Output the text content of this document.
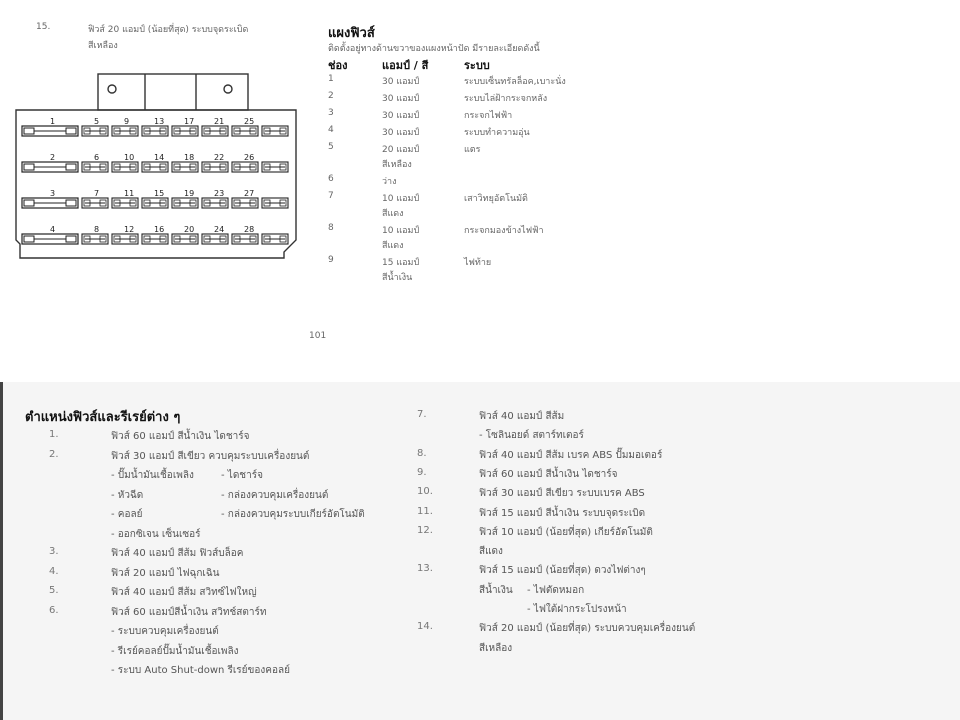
15.	ฟิวส์ 20 แอมป์ (น้อยที่สุด) ระบบจุดระเบิด
สีเหลือง
1
2
3
4
5
6
7
8
9
10
11
12
13
14
15
16
17
18
19
20
21
22
23
24
25
26
27
28
แผงฟิวส์
ติดตั้งอยู่ทางด้านขวาของแผงหน้าปัด มีรายละเอียดดังนี้
ช่อง	แอมป์ / สี	ระบบ
1	30 แอมป์	ระบบเซ็นทรัลล็อค,เบาะนั่ง
2	30 แอมป์	ระบบไล่ฝ้ากระจกหลัง
3	30 แอมป์	กระจกไฟฟ้า
4	30 แอมป์	ระบบทำความอุ่น
5	20 แอมป์	แตร
สีเหลือง
6	ว่าง
7	10 แอมป์	เสาวิทยุอัตโนมัติ
สีแดง
8	10 แอมป์	กระจกมองข้างไฟฟ้า
สีแดง
9	15 แอมป์	ไฟท้าย
สีน้ำเงิน
101
ตำแหน่งฟิวส์และรีเรย์ต่าง ๆ
1.	ฟิวส์ 60 แอมป์ สีน้ำเงิน ไดชาร์จ
2.	ฟิวส์ 30 แอมป์ สีเขียว ควบคุมระบบเครื่องยนต์
- ปั๊มน้ำมันเชื้อเพลิง	- ไดชาร์จ
- หัวฉีด	- กล่องควบคุมเครื่องยนต์
- คอลย์	- กล่องควบคุมระบบเกียร์อัตโนมัติ
- ออกซิเจน เซ็นเซอร์
3.	ฟิวส์ 40 แอมป์ สีส้ม ฟิวส์บล็อค
4.	ฟิวส์ 20 แอมป์ ไฟฉุกเฉิน
5.	ฟิวส์ 40 แอมป์ สีส้ม สวิทซ์ไฟใหญ่
6.	ฟิวส์ 60 แอมป์สีน้ำเงิน สวิทช์สตาร์ท
- ระบบควบคุมเครื่องยนต์
- รีเรย์คอลย์ปั๊มน้ำมันเชื้อเพลิง
- ระบบ Auto Shut-down รีเรย์ของคอลย์
7.	ฟิวส์ 40 แอมป์ สีส้ม
- โซลินอยด์ สตาร์ทเตอร์
8.	ฟิวส์ 40 แอมป์ สีส้ม เบรค ABS ปั๊มมอเตอร์
9.	ฟิวส์ 60 แอมป์ สีน้ำเงิน ไดชาร์จ
10.	ฟิวส์ 30 แอมป์ สีเขียว ระบบเบรค ABS
11.	ฟิวส์ 15 แอมป์ สีน้ำเงิน ระบบจุดระเบิด
12.	ฟิวส์ 10 แอมป์ (น้อยที่สุด) เกียร์อัตโนมัติ
สีแดง
13.	ฟิวส์ 15 แอมป์ (น้อยที่สุด) ดวงไฟต่างๆ
สีน้ำเงิน - ไฟตัดหมอก
- ไฟใต้ฝากระโปรงหน้า
14.	ฟิวส์ 20 แอมป์ (น้อยที่สุด) ระบบควบคุมเครื่องยนต์
สีเหลือง
